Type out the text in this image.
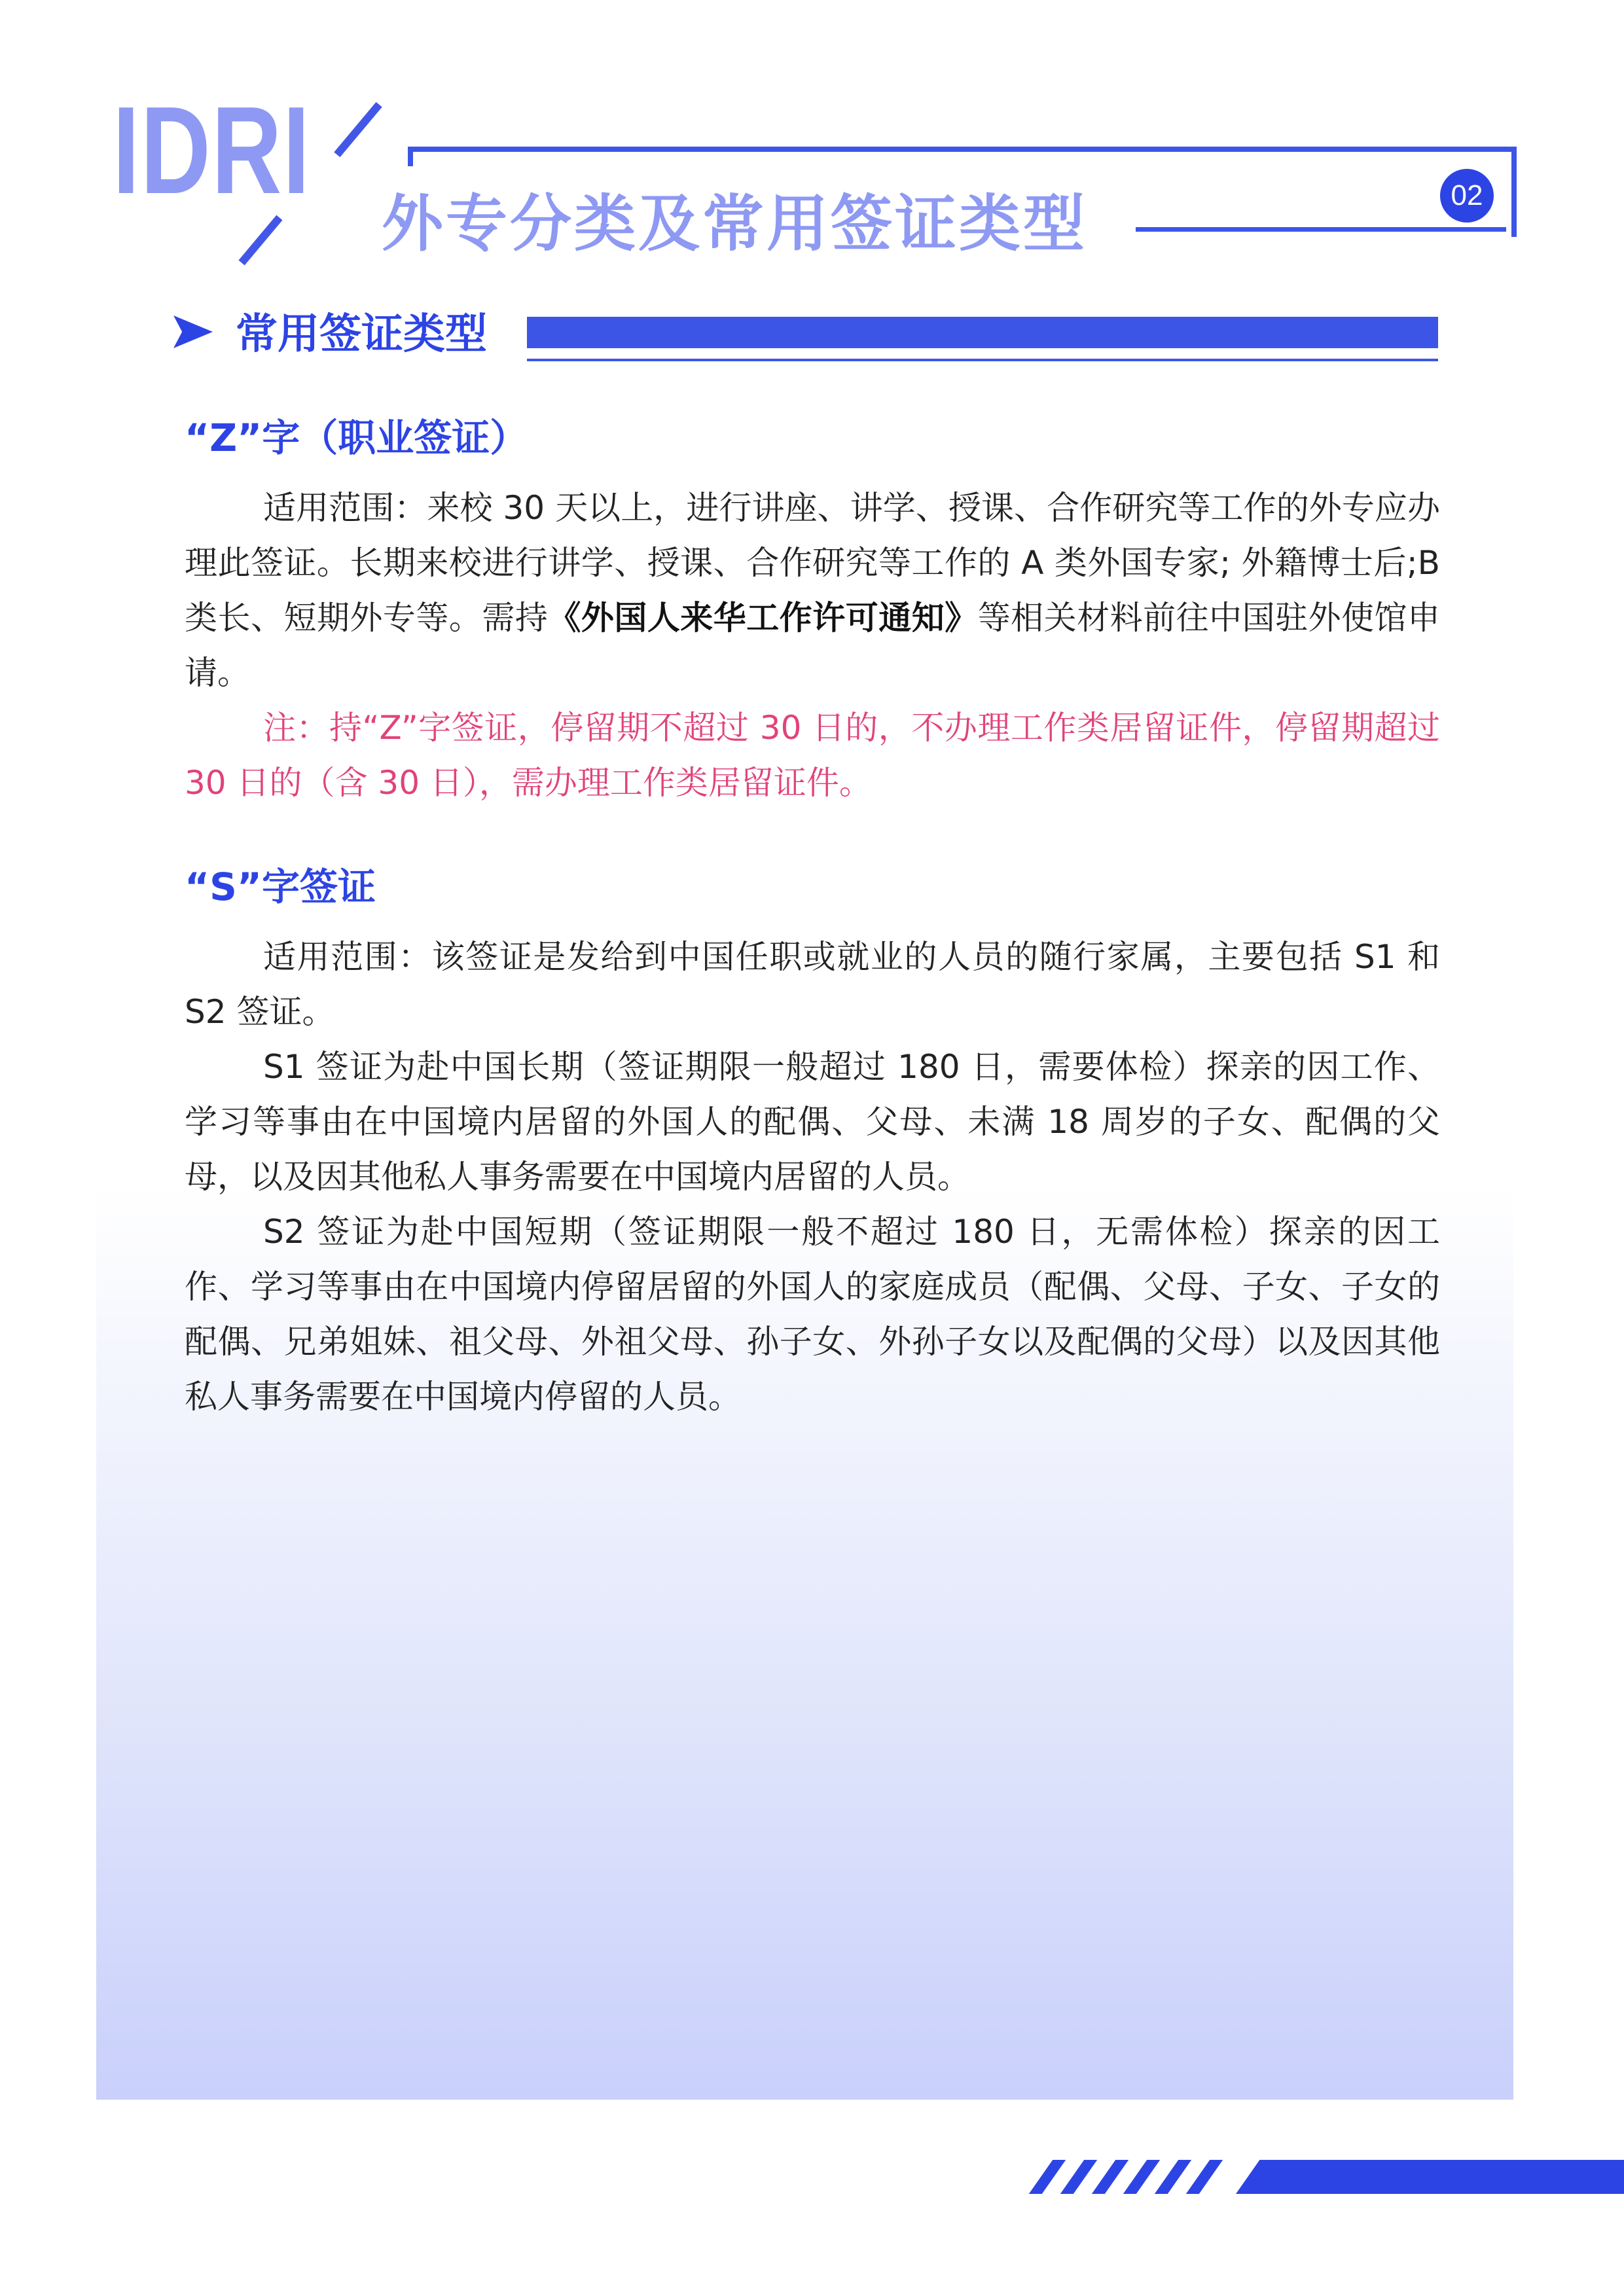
IDRI
外专分类及常用签证类型	02
常用签证类型
“Z”字（职业签证）

适用范围：来校 30 天以上，进行讲座、讲学、授课、合作研究等工作的外专应办理此签证。长期来校进行讲学、授课、合作研究等工作的 A 类外国专家; 外籍博士后;B类长、短期外专等。需持《外国人来华工作许可通知》等相关材料前往中国驻外使馆申请。

注：持“Z”字签证，停留期不超过 30 日的，不办理工作类居留证件，停留期超过 30 日的（含 30 日），需办理工作类居留证件。

“S”字签证

适用范围：该签证是发给到中国任职或就业的人员的随行家属，主要包括 S1 和 S2 签证。

S1 签证为赴中国长期（签证期限一般超过 180 日，需要体检）探亲的因工作、学习等事由在中国境内居留的外国人的配偶、父母、未满 18 周岁的子女、配偶的父母，以及因其他私人事务需要在中国境内居留的人员。

S2 签证为赴中国短期（签证期限一般不超过 180 日，无需体检）探亲的因工作、学习等事由在中国境内停留居留的外国人的家庭成员（配偶、父母、子女、子女的配偶、兄弟姐妹、祖父母、外祖父母、孙子女、外孙子女以及配偶的父母）以及因其他私人事务需要在中国境内停留的人员。
